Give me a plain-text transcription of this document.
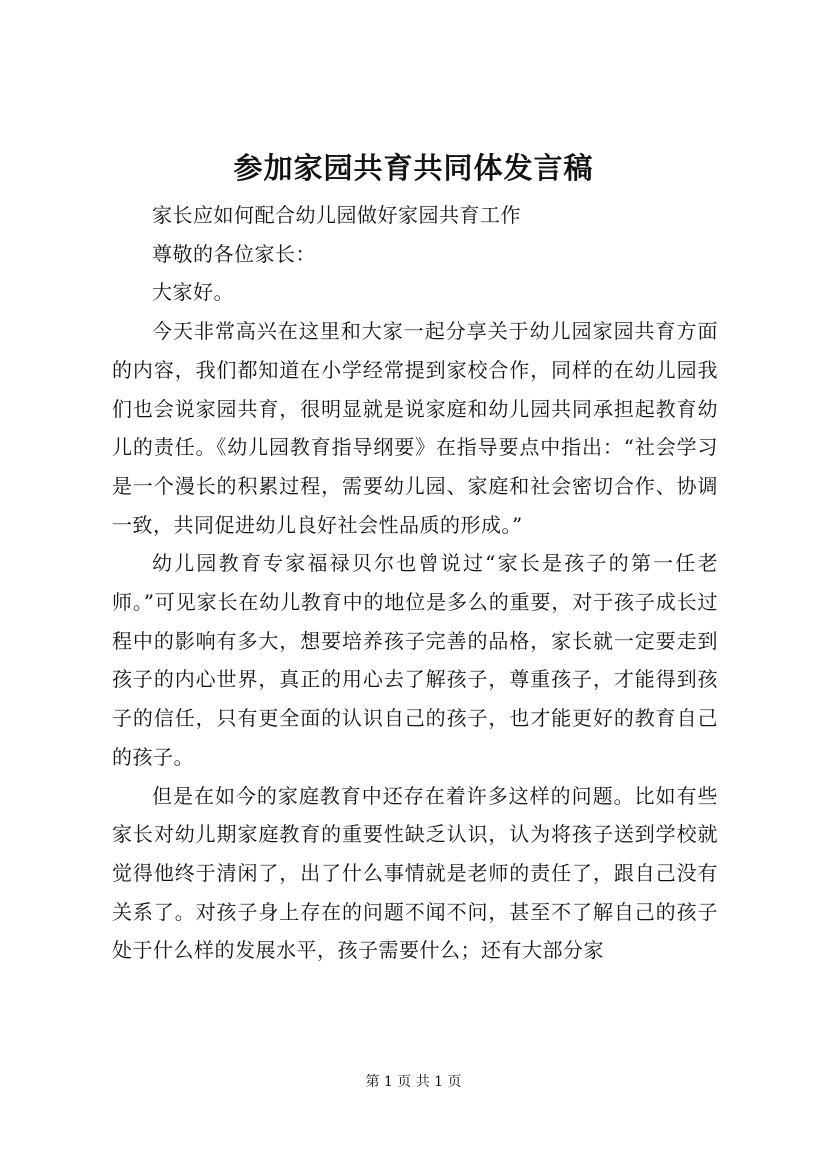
参加家园共育共同体发言稿

家长应如何配合幼儿园做好家园共育工作

尊敬的各位家长：

大家好。

今天非常高兴在这里和大家一起分享关于幼儿园家园共育方面的内容，我们都知道在小学经常提到家校合作，同样的在幼儿园我们也会说家园共育，很明显就是说家庭和幼儿园共同承担起教育幼儿的责任。《幼儿园教育指导纲要》在指导要点中指出：“社会学习是一个漫长的积累过程，需要幼儿园、家庭和社会密切合作、协调一致，共同促进幼儿良好社会性品质的形成。”

幼儿园教育专家福禄贝尔也曾说过“家长是孩子的第一任老师。”可见家长在幼儿教育中的地位是多么的重要，对于孩子成长过程中的影响有多大，想要培养孩子完善的品格，家长就一定要走到孩子的内心世界，真正的用心去了解孩子，尊重孩子，才能得到孩子的信任，只有更全面的认识自己的孩子，也才能更好的教育自己的孩子。

但是在如今的家庭教育中还存在着许多这样的问题。比如有些家长对幼儿期家庭教育的重要性缺乏认识，认为将孩子送到学校就觉得他终于清闲了，出了什么事情就是老师的责任了，跟自己没有关系了。对孩子身上存在的问题不闻不问，甚至不了解自己的孩子处于什么样的发展水平，孩子需要什么；还有大部分家

第 1 页 共 1 页
